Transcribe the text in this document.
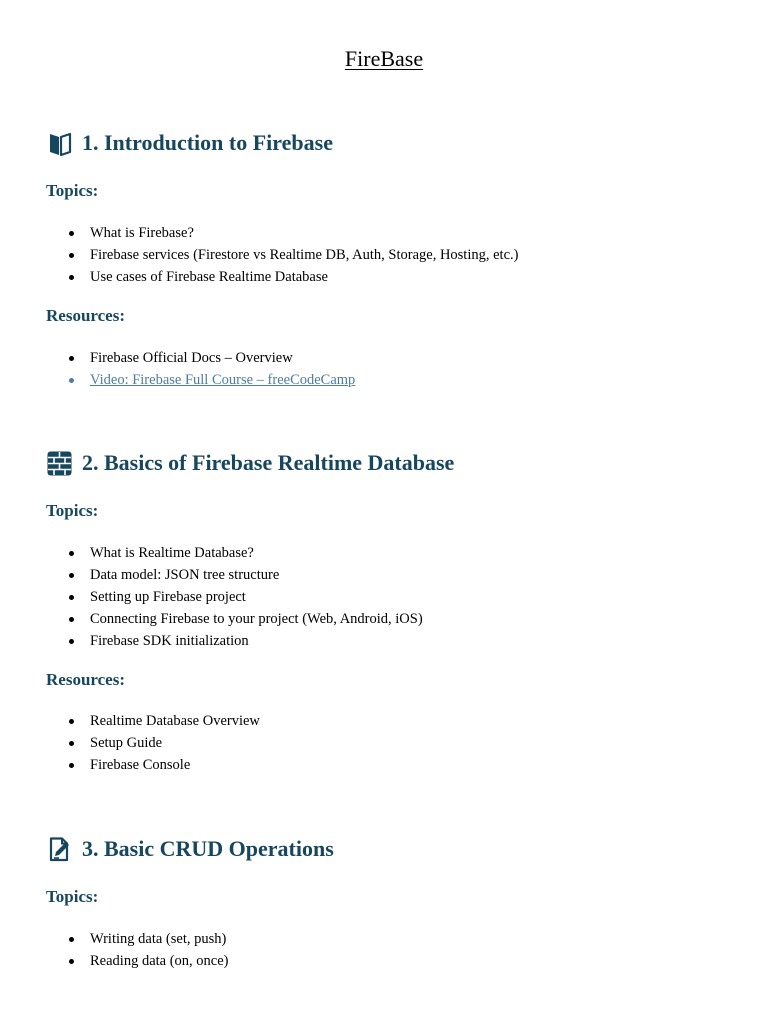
FireBase
1. Introduction to Firebase
Topics:
What is Firebase?
Firebase services (Firestore vs Realtime DB, Auth, Storage, Hosting, etc.)
Use cases of Firebase Realtime Database
Resources:
Firebase Official Docs – Overview
Video: Firebase Full Course – freeCodeCamp
2. Basics of Firebase Realtime Database
Topics:
What is Realtime Database?
Data model: JSON tree structure
Setting up Firebase project
Connecting Firebase to your project (Web, Android, iOS)
Firebase SDK initialization
Resources:
Realtime Database Overview
Setup Guide
Firebase Console
3. Basic CRUD Operations
Topics:
Writing data (set, push)
Reading data (on, once)
